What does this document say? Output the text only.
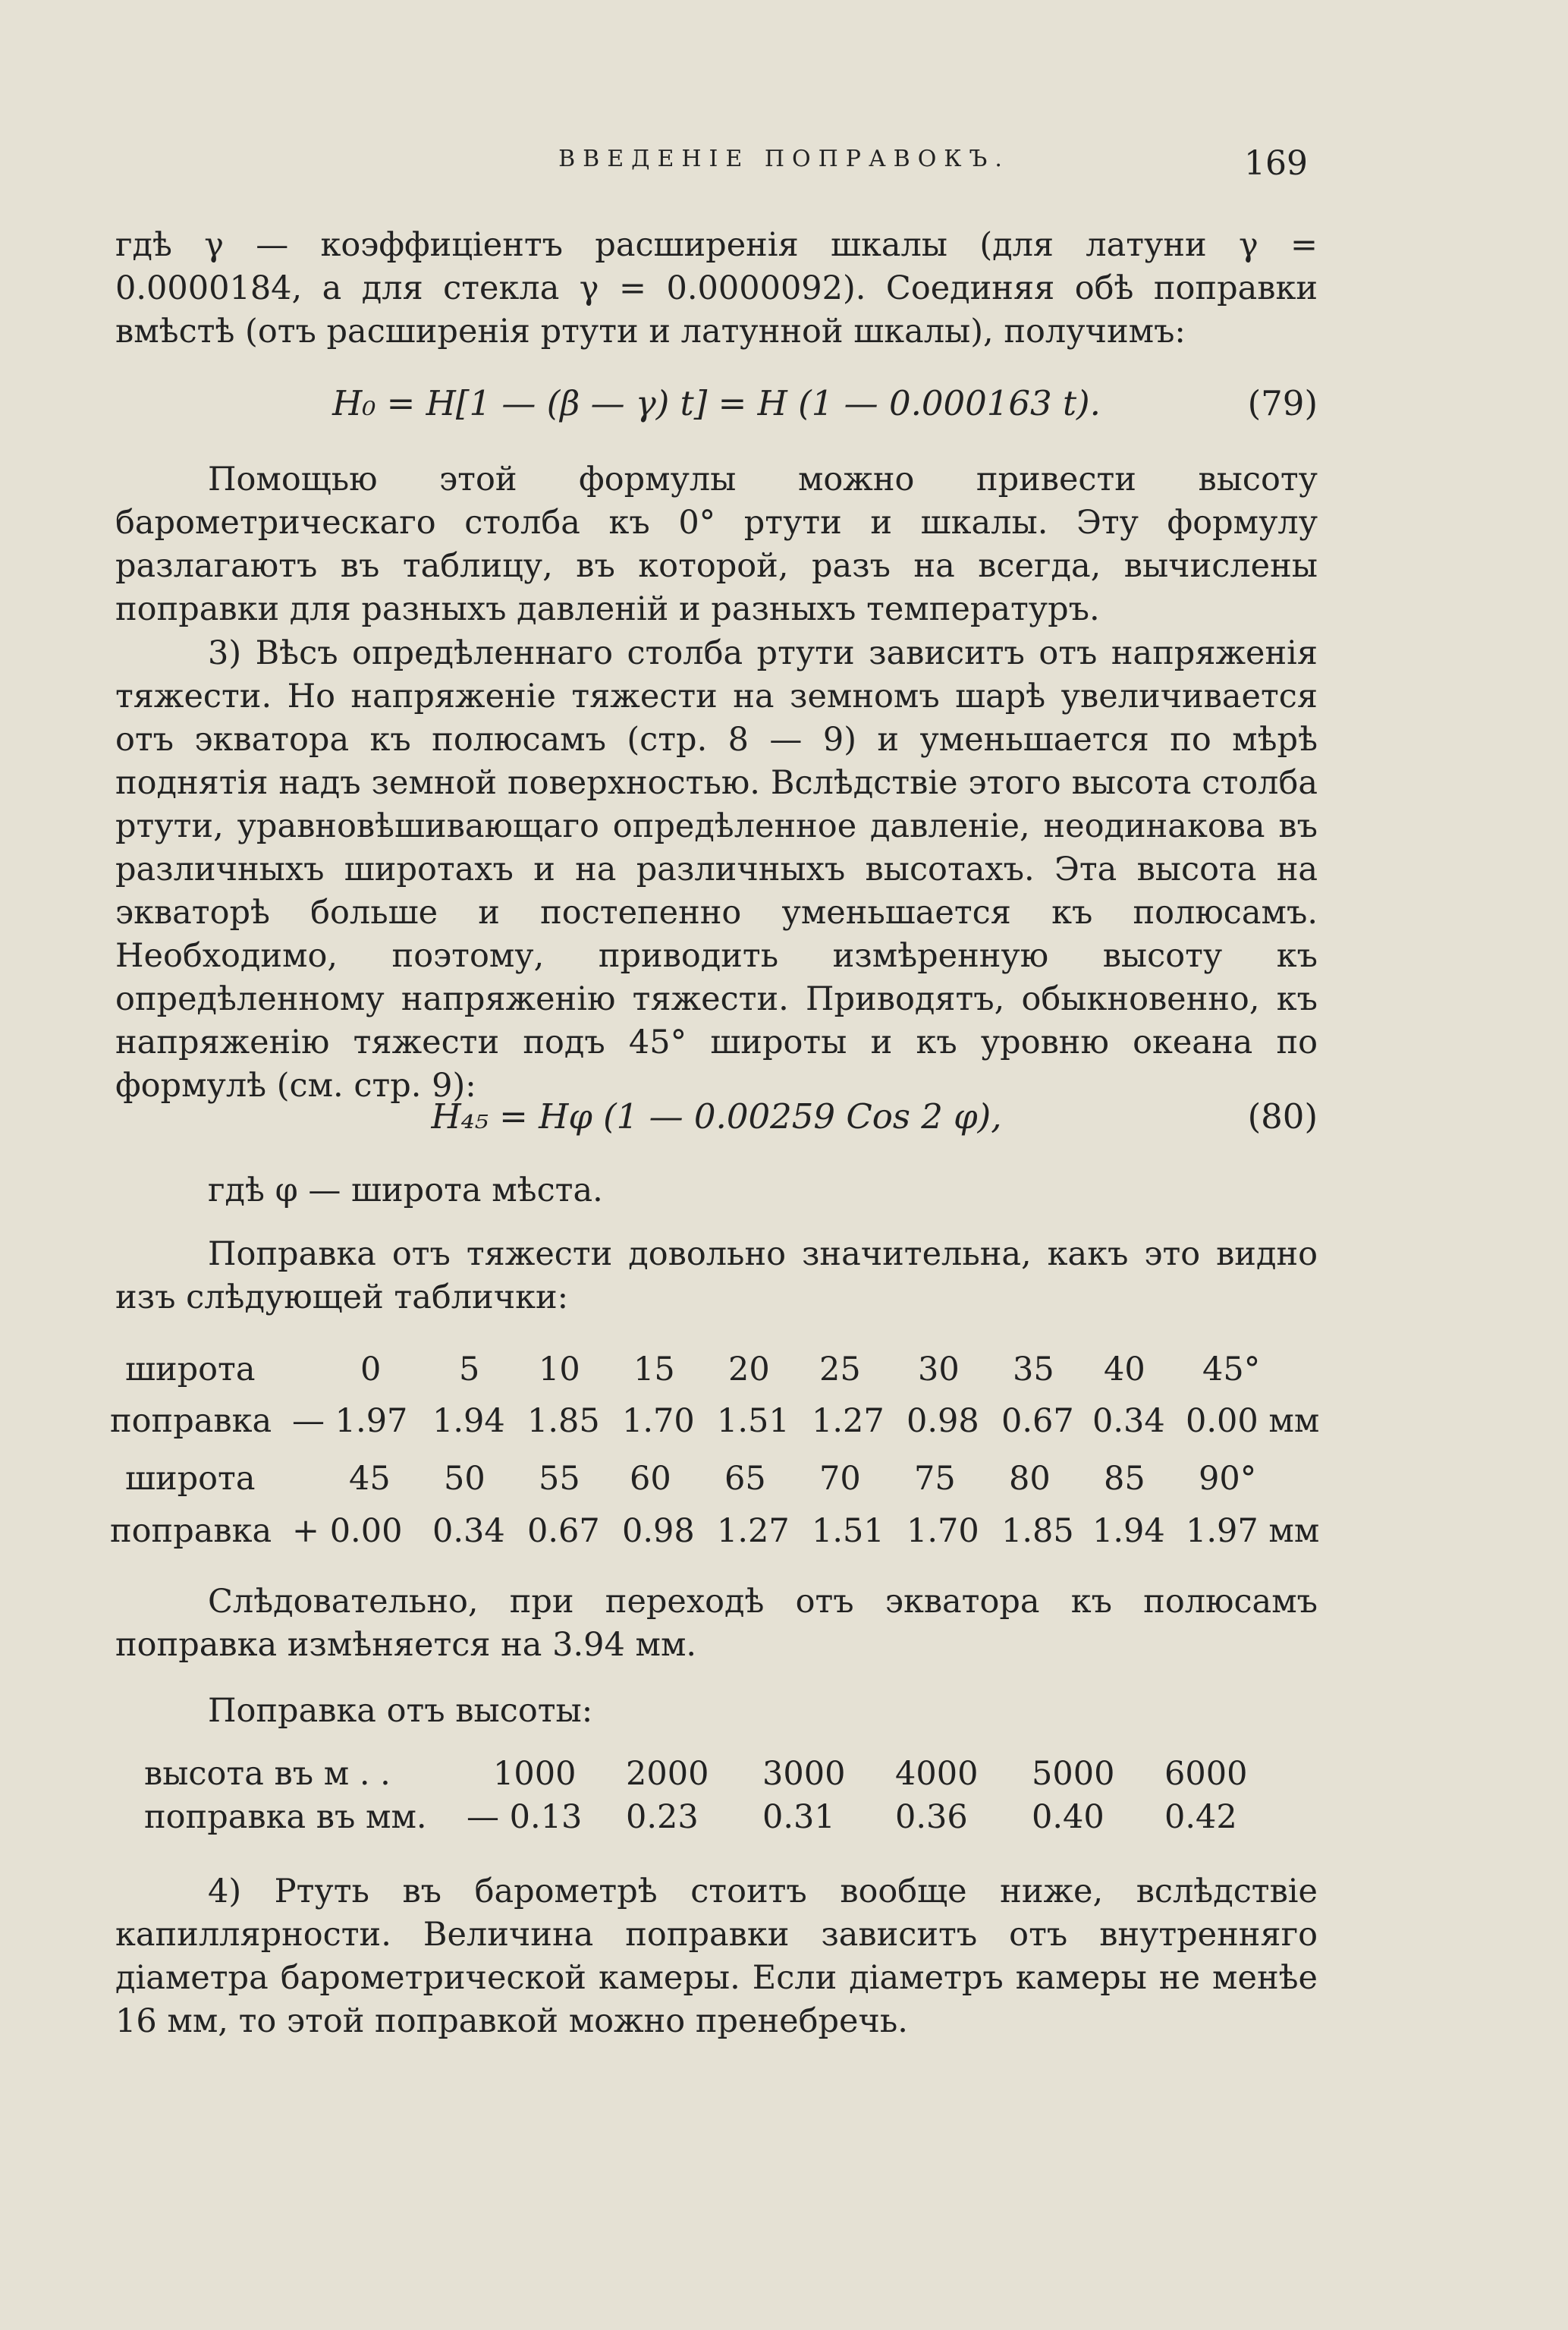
ВВЕДЕНІЕ ПОПРАВОКЪ.	169
гдѣ γ — коэффиціентъ расширенія шкалы (для латуни γ = 0.0000184, а для стекла γ = 0.0000092). Соединяя обѣ поправки вмѣстѣ (отъ расширенія ртути и латунной шкалы), получимъ:
H₀ = H[1 — (β — γ) t] = H (1 — 0.000163 t).	(79)
Помощью этой формулы можно привести высоту барометрическаго столба къ 0° ртути и шкалы. Эту формулу разлагаютъ въ таблицу, въ которой, разъ на всегда, вычислены поправки для разныхъ давленій и разныхъ температуръ.
3) Вѣсъ опредѣленнаго столба ртути зависитъ отъ напряженія тяжести. Но напряженіе тяжести на земномъ шарѣ увеличивается отъ экватора къ полюсамъ (стр. 8 — 9) и уменьшается по мѣрѣ поднятія надъ земной поверхностью. Вслѣдствіе этого высота столба ртути, уравновѣшивающаго опредѣленное давленіе, неодинакова въ различныхъ широтахъ и на различныхъ высотахъ. Эта высота на экваторѣ больше и постепенно уменьшается къ полюсамъ. Необходимо, поэтому, приводить измѣренную высоту къ опредѣленному напряженію тяжести. Приводятъ, обыкновенно, къ напряженію тяжести подъ 45° широты и къ уровню океана по формулѣ (см. стр. 9):
H₄₅ = Hφ (1 — 0.00259 Cos 2 φ),	(80)
гдѣ φ — широта мѣста.
Поправка отъ тяжести довольно значительна, какъ это видно изъ слѣдующей таблички:
широта	0 5 10 15 20 25 30 35 40 45°
поправка — 1.97 1.94 1.85 1.70 1.51 1.27 0.98 0.67 0.34 0.00 мм
широта	45 50 55 60 65 70 75 80 85 90°
поправка + 0.00 0.34 0.67 0.98 1.27 1.51 1.70 1.85 1.94 1.97 мм
Слѣдовательно, при переходѣ отъ экватора къ полюсамъ поправка измѣняется на 3.94 мм.
Поправка отъ высоты:
высота въ м . .	1000 2000 3000 4000 5000 6000
поправка въ мм. — 0.13 0.23 0.31 0.36 0.40 0.42
4) Ртуть въ барометрѣ стоитъ вообще ниже, вслѣдствіе капиллярности. Величина поправки зависитъ отъ внутренняго діаметра барометрической камеры. Если діаметръ камеры не менѣе 16 мм, то этой поправкой можно пренебречь.
